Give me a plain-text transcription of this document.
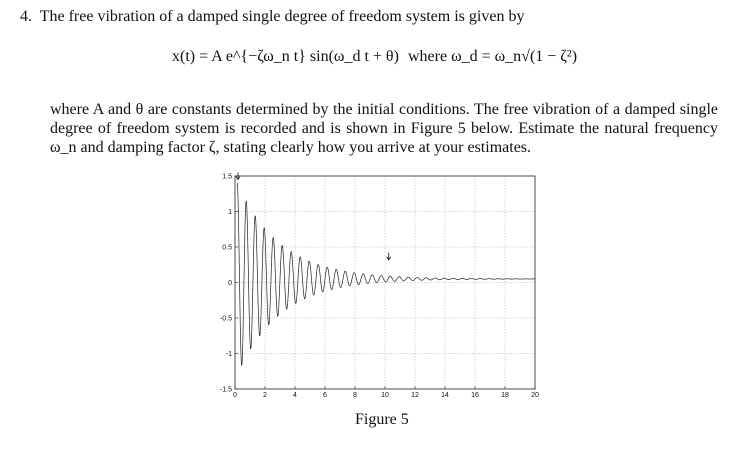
4. The free vibration of a damped single degree of freedom system is given by
x(t) = A e^{−ζω_n t} sin(ω_d t + θ) where ω_d = ω_n√(1 − ζ²)
where A and θ are constants determined by the initial conditions. The free vibration of a damped single degree of freedom system is recorded and is shown in Figure 5 below. Estimate the natural frequency ω_n and damping factor ζ, stating clearly how you arrive at your estimates.
0	2	4	6	8	10	12	14	16	18	20
-1.5
-1
-0.5
0
0.5
1
1.5
Figure 5
